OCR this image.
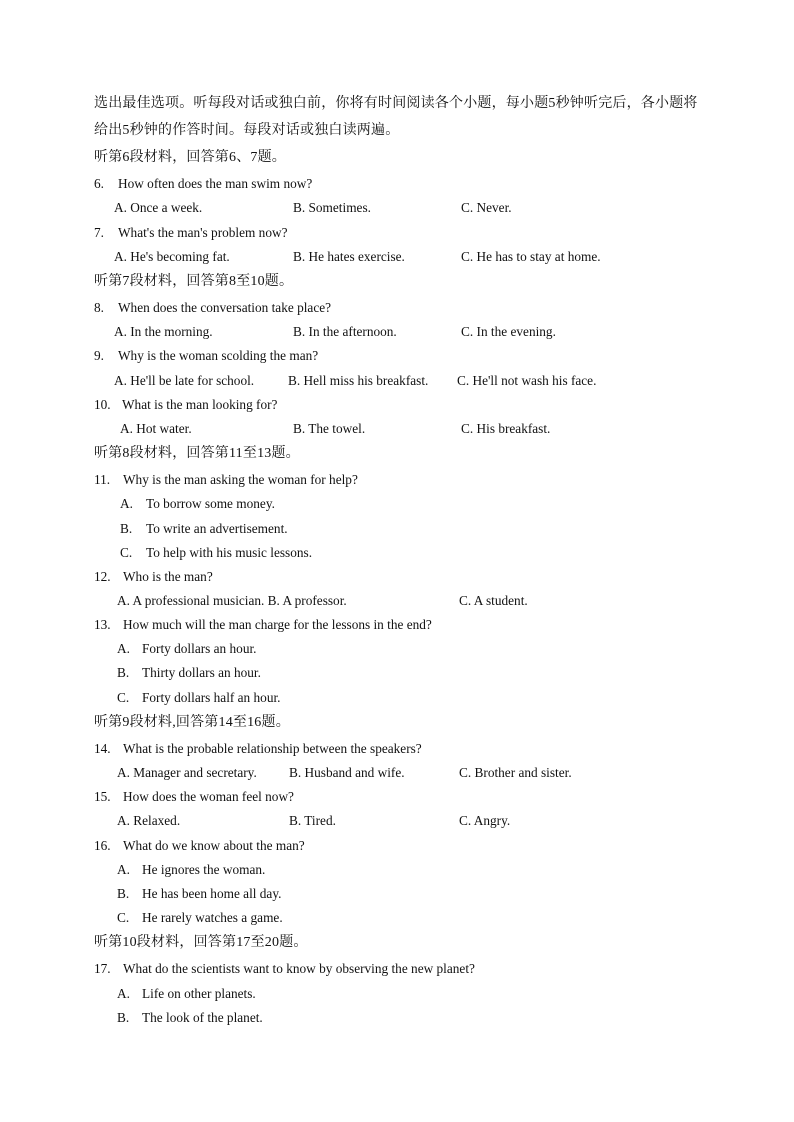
选出最佳选项。听每段对话或独白前，你将有时间阅读各个小题，每小题5秒钟听完后，各小题将
给出5秒钟的作答时间。每段对话或独白读两遍。
听第6段材料，回答第6、7题。
6. How often does the man swim now?
A. Once a week.	B. Sometimes.	C. Never.
7. What's the man's problem now?
A. He's becoming fat.	B. He hates exercise.	C. He has to stay at home.
听第7段材料，回答第8至10题。
8. When does the conversation take place?
A. In the morning.	B. In the afternoon.	C. In the evening.
9. Why is the woman scolding the man?
A. He'll be late for school.	B. Hell miss his breakfast. C. He'll not wash his face.
10. What is the man looking for?
A. Hot water.	B. The towel.	C. His breakfast.
听第8段材料，回答第11至13题。
11. Why is the man asking the woman for help?
A. To borrow some money.
B. To write an advertisement.
C. To help with his music lessons.
12. Who is the man?
A. A professional musician. B. A professor.	C. A student.
13. How much will the man charge for the lessons in the end?
A. Forty dollars an hour.
B. Thirty dollars an hour.
C. Forty dollars half an hour.
听第9段材料,回答第14至16题。
14. What is the probable relationship between the speakers?
A. Manager and secretary. B. Husband and wife.	C. Brother and sister.
15. How does the woman feel now?
A. Relaxed.	B. Tired.	C. Angry.
16. What do we know about the man?
A. He ignores the woman.
B. He has been home all day.
C. He rarely watches a game.
听第10段材料，回答第17至20题。
17. What do the scientists want to know by observing the new planet?
A. Life on other planets.
B. The look of the planet.
